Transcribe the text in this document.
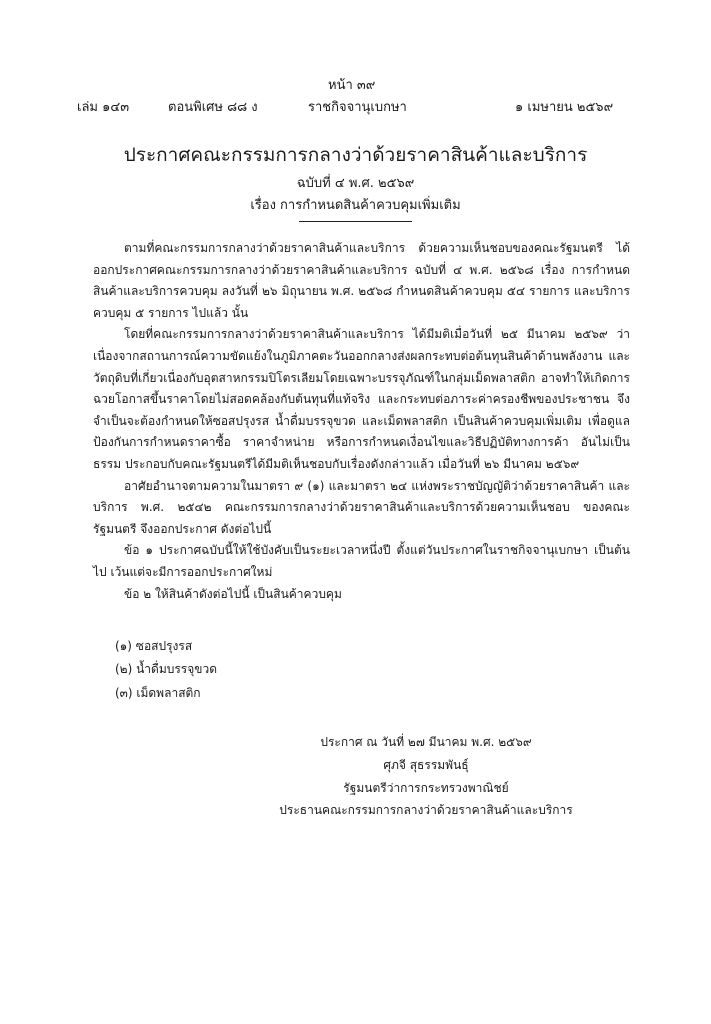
หน้า ๓๙
เล่ม ๑๔๓	ตอนพิเศษ ๘๘ ง	ราชกิจจานุเบกษา	๑ เมษายน ๒๕๖๙
ประกาศคณะกรรมการกลางว่าด้วยราคาสินค้าและบริการ
ฉบับที่ ๔ พ.ศ. ๒๕๖๙
เรื่อง การกำหนดสินค้าควบคุมเพิ่มเติม

ตามที่คณะกรรมการกลางว่าด้วยราคาสินค้าและบริการ ด้วยความเห็นชอบของคณะรัฐมนตรี ได้ออกประกาศคณะกรรมการกลางว่าด้วยราคาสินค้าและบริการ ฉบับที่ ๔ พ.ศ. ๒๕๖๘ เรื่อง การกำหนดสินค้าและบริการควบคุม ลงวันที่ ๒๖ มิถุนายน พ.ศ. ๒๕๖๘ กำหนดสินค้าควบคุม ๕๔ รายการ และบริการควบคุม ๕ รายการ ไปแล้ว นั้น

โดยที่คณะกรรมการกลางว่าด้วยราคาสินค้าและบริการ ได้มีมติเมื่อวันที่ ๒๕ มีนาคม ๒๕๖๙ ว่าเนื่องจากสถานการณ์ความขัดแย้งในภูมิภาคตะวันออกกลางส่งผลกระทบต่อต้นทุนสินค้าด้านพลังงาน และวัตถุดิบที่เกี่ยวเนื่องกับอุตสาหกรรมปิโตรเลียมโดยเฉพาะบรรจุภัณฑ์ในกลุ่มเม็ดพลาสติก อาจทำให้เกิดการฉวยโอกาสขึ้นราคาโดยไม่สอดคล้องกับต้นทุนที่แท้จริง และกระทบต่อภาระค่าครองชีพของประชาชน จึงจำเป็นจะต้องกำหนดให้ซอสปรุงรส น้ำดื่มบรรจุขวด และเม็ดพลาสติก เป็นสินค้าควบคุมเพิ่มเติม เพื่อดูแลป้องกันการกำหนดราคาซื้อ ราคาจำหน่าย หรือการกำหนดเงื่อนไขและวิธีปฏิบัติทางการค้า อันไม่เป็นธรรม ประกอบกับคณะรัฐมนตรีได้มีมติเห็นชอบกับเรื่องดังกล่าวแล้ว เมื่อวันที่ ๒๖ มีนาคม ๒๕๖๙

อาศัยอำนาจตามความในมาตรา ๙ (๑) และมาตรา ๒๔ แห่งพระราชบัญญัติว่าด้วยราคาสินค้า และบริการ พ.ศ. ๒๕๔๒ คณะกรรมการกลางว่าด้วยราคาสินค้าและบริการด้วยความเห็นชอบ ของคณะรัฐมนตรี จึงออกประกาศ ดังต่อไปนี้

ข้อ ๑ ประกาศฉบับนี้ให้ใช้บังคับเป็นระยะเวลาหนึ่งปี ตั้งแต่วันประกาศในราชกิจจานุเบกษา เป็นต้นไป เว้นแต่จะมีการออกประกาศใหม่

ข้อ ๒ ให้สินค้าดังต่อไปนี้ เป็นสินค้าควบคุม

(๑) ซอสปรุงรส
(๒) น้ำดื่มบรรจุขวด
(๓) เม็ดพลาสติก
ประกาศ ณ วันที่ ๒๗ มีนาคม พ.ศ. ๒๕๖๙
ศุภจี สุธรรมพันธุ์
รัฐมนตรีว่าการกระทรวงพาณิชย์
ประธานคณะกรรมการกลางว่าด้วยราคาสินค้าและบริการ
